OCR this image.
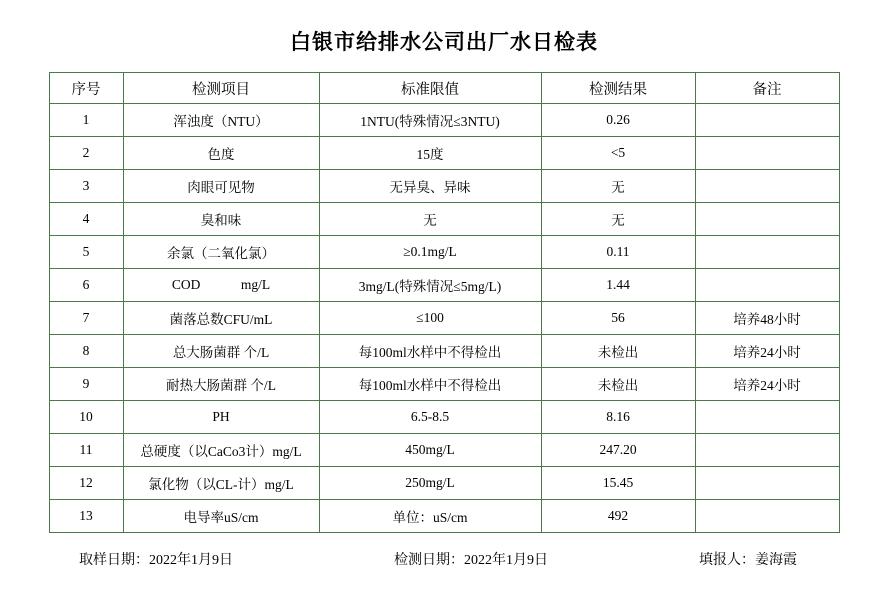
白银市给排水公司出厂水日检表
序号	检测项目	标准限值	检测结果	备注
1	浑浊度（NTU）	1NTU(特殊情况≤3NTU)	0.26	
2	色度	15度	<5	
3	肉眼可见物	无异臭、异味	无	
4	臭和味	无	无	
5	余氯（二氧化氯）	≥0.1mg/L	0.11	
6	COD            mg/L	3mg/L(特殊情况≤5mg/L)	1.44	
7	菌落总数CFU/mL	≤100	56	培养48小时
8	总大肠菌群 个/L	每100ml水样中不得检出	未检出	培养24小时
9	耐热大肠菌群 个/L	每100ml水样中不得检出	未检出	培养24小时
10	PH	6.5-8.5	8.16	
11	总硬度（以CaCo3计）mg/L	450mg/L	247.20	
12	氯化物（以CL-计）mg/L	250mg/L	15.45	
13	电导率uS/cm	单位：uS/cm	492	
取样日期：2022年1月9日	检测日期：2022年1月9日	填报人：姜海霞
